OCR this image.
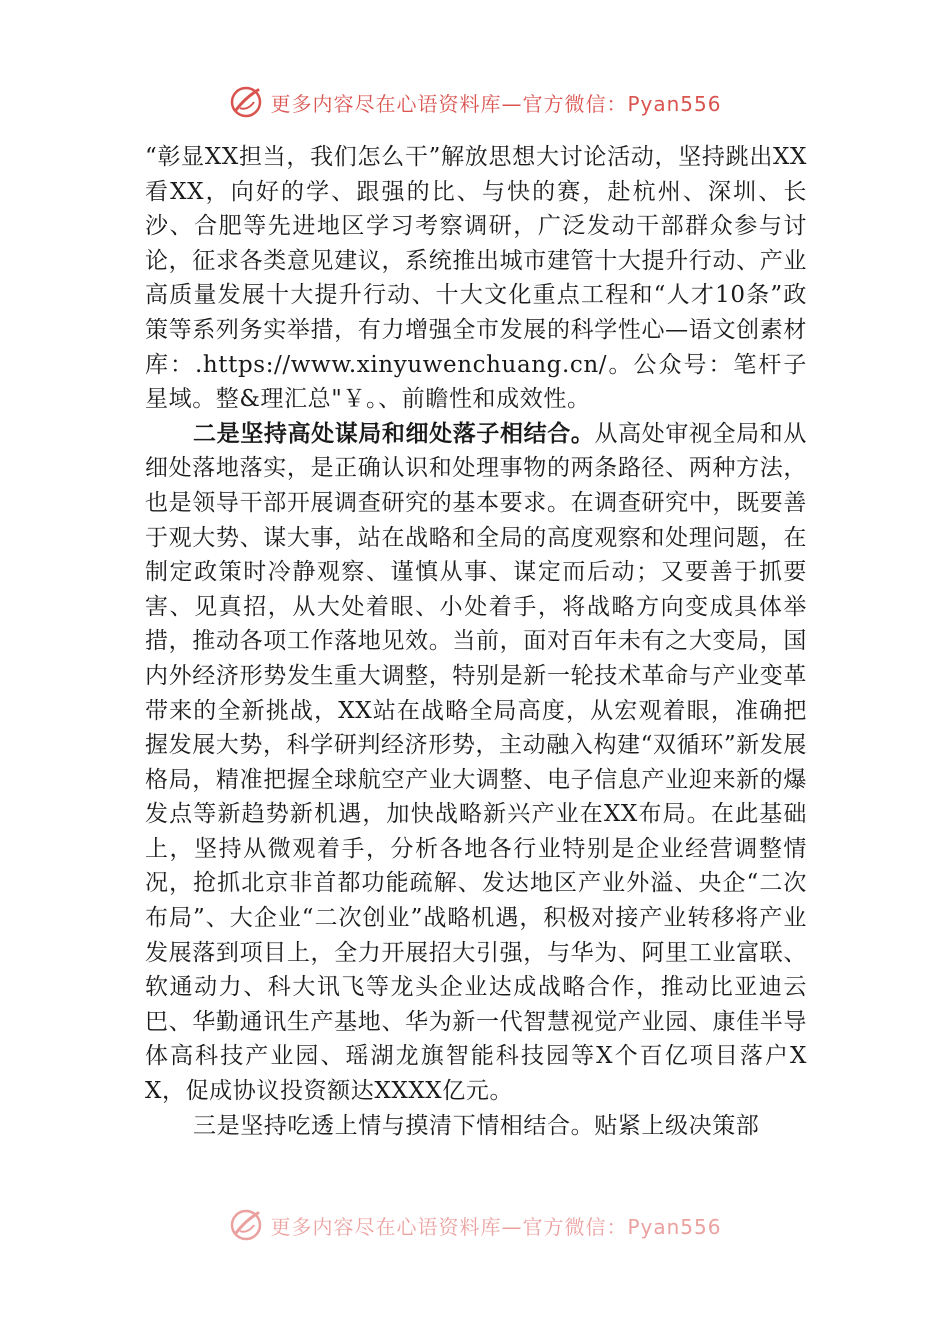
更多内容尽在心语资料库—官方微信：Pyan556

“彰显XX担当，我们怎么干”解放思想大讨论活动，坚持跳出XX看XX，向好的学、跟强的比、与快的赛，赴杭州、深圳、长沙、合肥等先进地区学习考察调研，广泛发动干部群众参与讨论，征求各类意见建议，系统推出城市建管十大提升行动、产业高质量发展十大提升行动、十大文化重点工程和“人才10条”政策等系列务实举措，有力增强全市发展的科学性心—语文创素材库：.https://www.xinyuwenchuang.cn/。公众号：笔杆子星域。整&理汇总"￥。、前瞻性和成效性。

二是坚持高处谋局和细处落子相结合。从高处审视全局和从细处落地落实，是正确认识和处理事物的两条路径、两种方法，也是领导干部开展调查研究的基本要求。在调查研究中，既要善于观大势、谋大事，站在战略和全局的高度观察和处理问题，在制定政策时冷静观察、谨慎从事、谋定而后动；又要善于抓要害、见真招，从大处着眼、小处着手，将战略方向变成具体举措，推动各项工作落地见效。当前，面对百年未有之大变局，国内外经济形势发生重大调整，特别是新一轮技术革命与产业变革带来的全新挑战，XX站在战略全局高度，从宏观着眼，准确把握发展大势，科学研判经济形势，主动融入构建“双循环”新发展格局，精准把握全球航空产业大调整、电子信息产业迎来新的爆发点等新趋势新机遇，加快战略新兴产业在XX布局。在此基础上，坚持从微观着手，分析各地各行业特别是企业经营调整情况，抢抓北京非首都功能疏解、发达地区产业外溢、央企“二次布局”、大企业“二次创业”战略机遇，积极对接产业转移将产业发展落到项目上，全力开展招大引强，与华为、阿里工业富联、软通动力、科大讯飞等龙头企业达成战略合作，推动比亚迪云巴、华勤通讯生产基地、华为新一代智慧视觉产业园、康佳半导体高科技产业园、瑶湖龙旗智能科技园等X个百亿项目落户XX，促成协议投资额达XXXX亿元。

三是坚持吃透上情与摸清下情相结合。贴紧上级决策部

更多内容尽在心语资料库—官方微信：Pyan556
